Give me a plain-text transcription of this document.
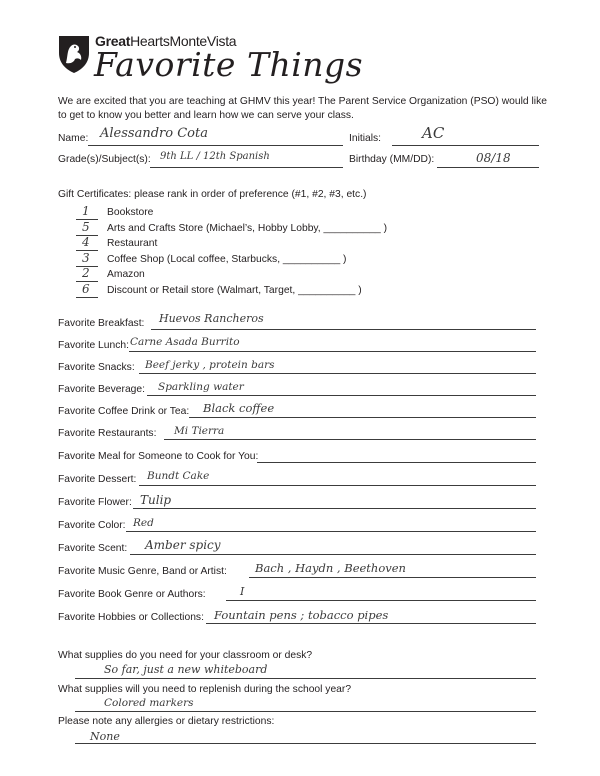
GreatHeartsMonteVista
Favorite Things
We are excited that you are teaching at GHMV this year! The Parent Service Organization (PSO) would like
to get to know you better and learn how we can serve your class.
Name: Alessandro Cota	Initials:	AC
Grade(s)/Subject(s): 9th LL / 12th Spanish	Birthday (MM/DD):	08/18
Gift Certificates: please rank in order of preference (#1, #2, #3, etc.)
1 Bookstore
5 Arts and Crafts Store (Michael’s, Hobby Lobby, __________ )
4 Restaurant
3 Coffee Shop (Local coffee, Starbucks, __________ )
2 Amazon
6 Discount or Retail store (Walmart, Target, __________ )
Favorite Breakfast: Huevos Rancheros
Favorite Lunch: Carne Asada Burrito
Favorite Snacks: Beef jerky , protein bars
Favorite Beverage: Sparkling water
Favorite Coffee Drink or Tea: Black coffee
Favorite Restaurants: Mi Tierra
Favorite Meal for Someone to Cook for You:
Favorite Dessert: Bundt Cake
Favorite Flower: Tulip
Favorite Color: Red
Favorite Scent: Amber spicy
Favorite Music Genre, Band or Artist: Bach , Haydn , Beethoven
Favorite Book Genre or Authors:	I
Favorite Hobbies or Collections: Fountain pens ; tobacco pipes
What supplies do you need for your classroom or desk?
So far, just a new whiteboard
What supplies will you need to replenish during the school year?
Colored markers
Please note any allergies or dietary restrictions:
None
